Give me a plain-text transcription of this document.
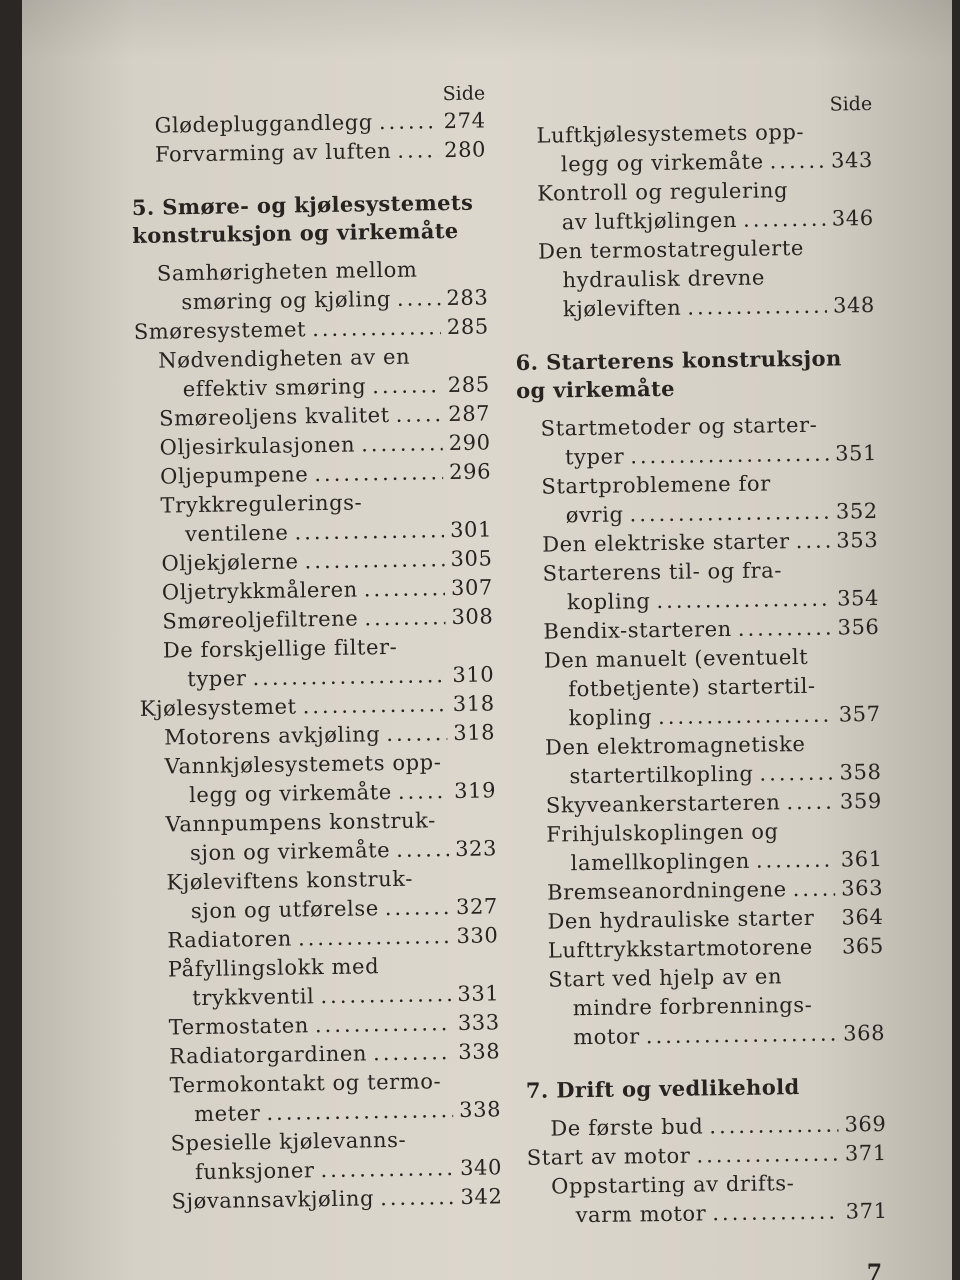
Side
Glødepluggandlegg .....	274
Forvarming av luften ..... 280
5. Smøre- og kjølesystemets
konstruksjon og virkemåte
Samhørigheten mellom
smøring og kjøling .....	283
Smøresystemet .....	285
Nødvendigheten av en
effektiv smøring .....	285
Smøreoljens kvalitet .....	287
Oljesirkulasjonen .....	290
Oljepumpene .....	296
Trykkregulerings-
ventilene .....	301
Oljekjølerne .....	305
Oljetrykkmåleren .....	307
Smøreoljefiltrene .....	308
De forskjellige filter-
typer .....	310
Kjølesystemet .....	318
Motorens avkjøling .....	318
Vannkjølesystemets opp-
legg og virkemåte .....	319
Vannpumpens konstruk-
sjon og virkemåte .....	323
Kjøleviftens konstruk-
sjon og utførelse .....	327
Radiatoren .....	330
Påfyllingslokk med
trykkventil .....	331
Termostaten .....	333
Radiatorgardinen .....	338
Termokontakt og termo-
meter .....	338
Spesielle kjølevanns-
funksjoner .....	340
Sjøvannsavkjøling .....	342
Side
Luftkjølesystemets opp-
legg og virkemåte .....	343
Kontroll og regulering
av luftkjølingen .....	346
Den termostatregulerte
hydraulisk drevne
kjøleviften .....	348
6. Starterens konstruksjon
og virkemåte
Startmetoder og starter-
typer .....	351
Startproblemene for
øvrig .....	352
Den elektriske starter ..... 353
Starterens til- og fra-
kopling .....	354
Bendix-starteren .....	356
Den manuelt (eventuelt
fotbetjente) startertil-
kopling .....	357
Den elektromagnetiske
startertilkopling .....	358
Skyveankerstarteren .....	359
Frihjulskoplingen og
lamellkoplingen .....	361
Bremseanordningene .....	363
Den hydrauliske starter 364
Lufttrykkstartmotorene 365
Start ved hjelp av en
mindre forbrennings-
motor .....	368
7. Drift og vedlikehold
De første bud .....	369
Start av motor .....	371
Oppstarting av drifts-
varm motor .....	371
7
